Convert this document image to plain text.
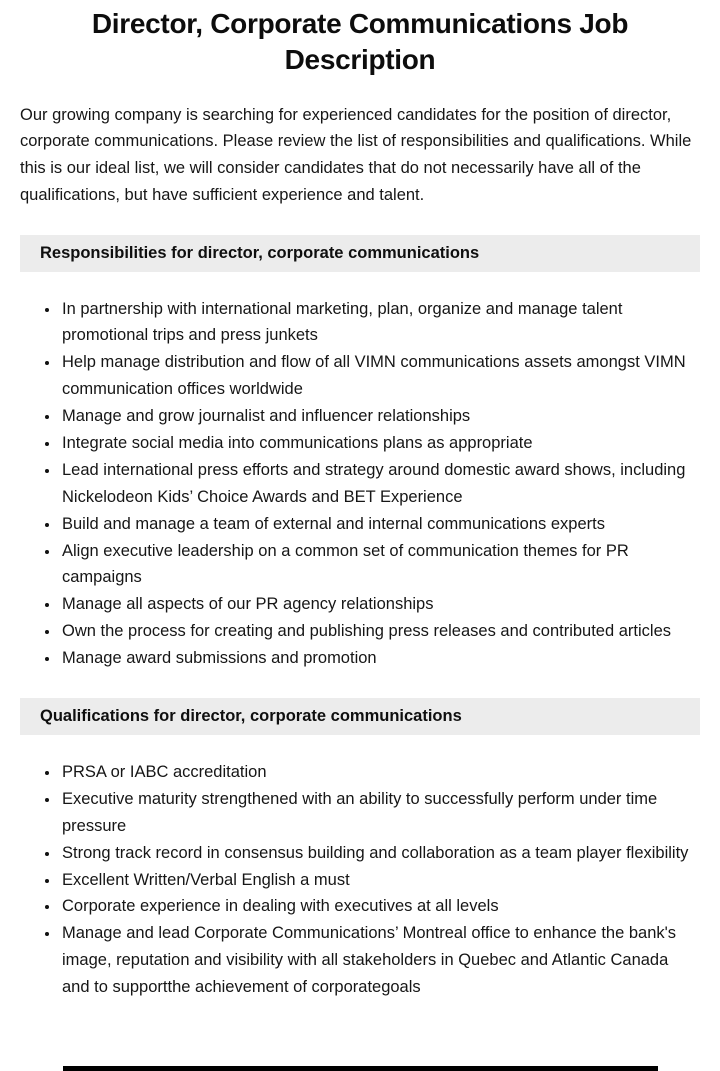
Director, Corporate Communications Job Description

Our growing company is searching for experienced candidates for the position of director, corporate communications. Please review the list of responsibilities and qualifications. While this is our ideal list, we will consider candidates that do not necessarily have all of the qualifications, but have sufficient experience and talent.

Responsibilities for director, corporate communications
• In partnership with international marketing, plan, organize and manage talent promotional trips and press junkets
• Help manage distribution and flow of all VIMN communications assets amongst VIMN communication offices worldwide
• Manage and grow journalist and influencer relationships
• Integrate social media into communications plans as appropriate
• Lead international press efforts and strategy around domestic award shows, including Nickelodeon Kids’ Choice Awards and BET Experience
• Build and manage a team of external and internal communications experts
• Align executive leadership on a common set of communication themes for PR campaigns
• Manage all aspects of our PR agency relationships
• Own the process for creating and publishing press releases and contributed articles
• Manage award submissions and promotion
Qualifications for director, corporate communications
• PRSA or IABC accreditation
• Executive maturity strengthened with an ability to successfully perform under time pressure
• Strong track record in consensus building and collaboration as a team player flexibility
• Excellent Written/Verbal English a must
• Corporate experience in dealing with executives at all levels
• Manage and lead Corporate Communications’ Montreal office to enhance the bank's image, reputation and visibility with all stakeholders in Quebec and Atlantic Canada and to supportthe achievement of corporategoals
